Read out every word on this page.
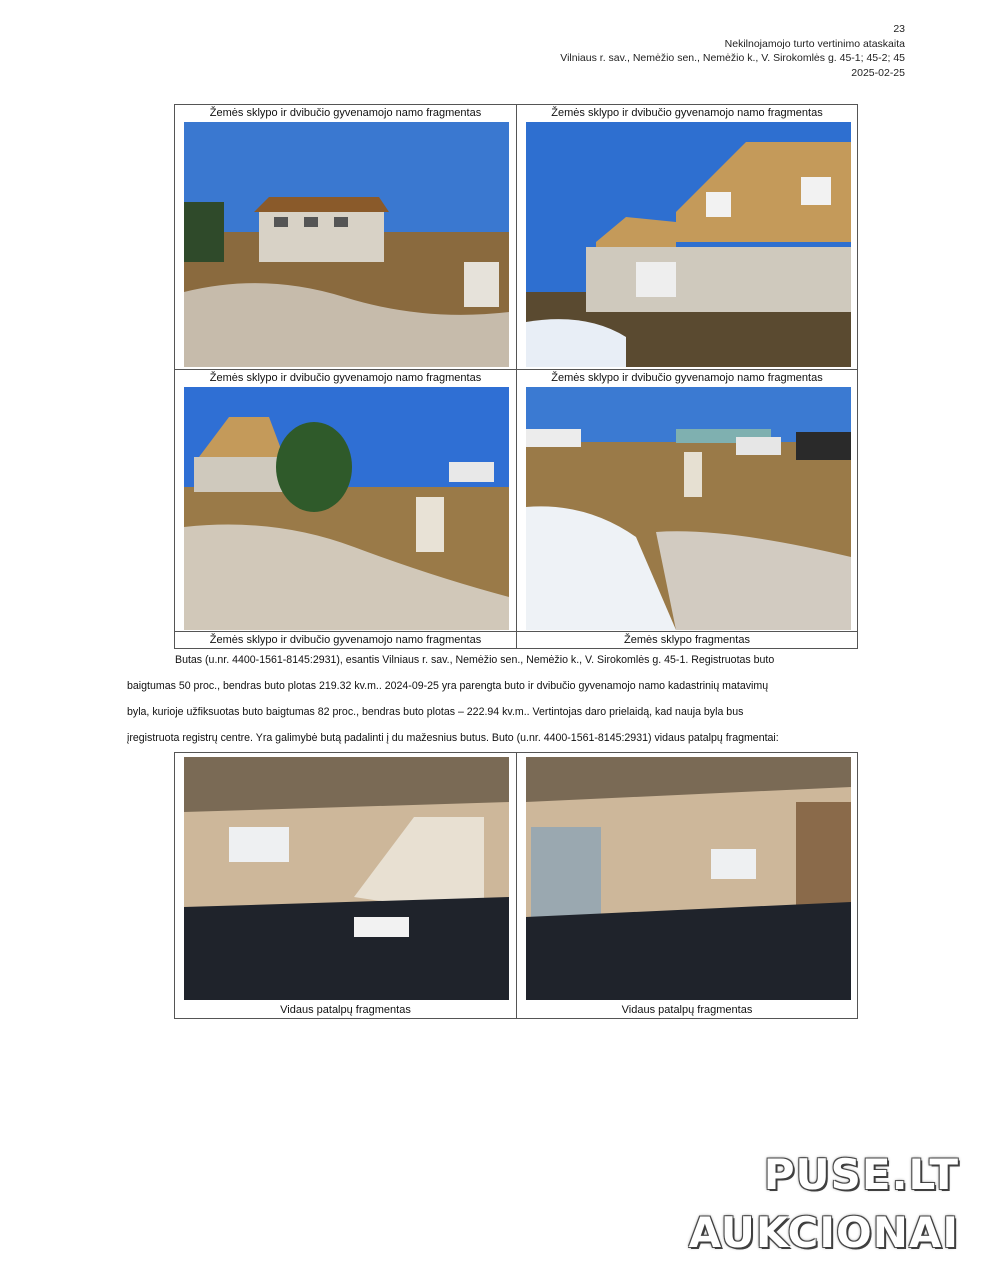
23
Nekilnojamojo turto vertinimo ataskaita
Vilniaus r. sav., Nemėžio sen., Nemėžio k., V. Sirokomlės g. 45-1; 45-2; 45
2025-02-25
Žemės sklypo ir dvibučio gyvenamojo namo fragmentas	Žemės sklypo ir dvibučio gyvenamojo namo fragmentas
Žemės sklypo ir dvibučio gyvenamojo namo fragmentas	Žemės sklypo ir dvibučio gyvenamojo namo fragmentas
Žemės sklypo ir dvibučio gyvenamojo namo fragmentas	Žemės sklypo fragmentas

Butas (u.nr. 4400-1561-8145:2931), esantis Vilniaus r. sav., Nemėžio sen., Nemėžio k., V. Sirokomlės g. 45-1. Registruotas buto

baigtumas 50 proc., bendras buto plotas 219.32 kv.m.. 2024-09-25 yra parengta buto ir dvibučio gyvenamojo namo kadastrinių matavimų

byla, kurioje užfiksuotas buto baigtumas 82 proc., bendras buto plotas – 222.94 kv.m.. Vertintojas daro prielaidą, kad nauja byla bus

įregistruota registrų centre. Yra galimybė butą padalinti į du mažesnius butus. Buto (u.nr. 4400-1561-8145:2931) vidaus patalpų fragmentai:

Vidaus patalpų fragmentas	Vidaus patalpų fragmentas
PUSE.LT
AUKCIONAI
